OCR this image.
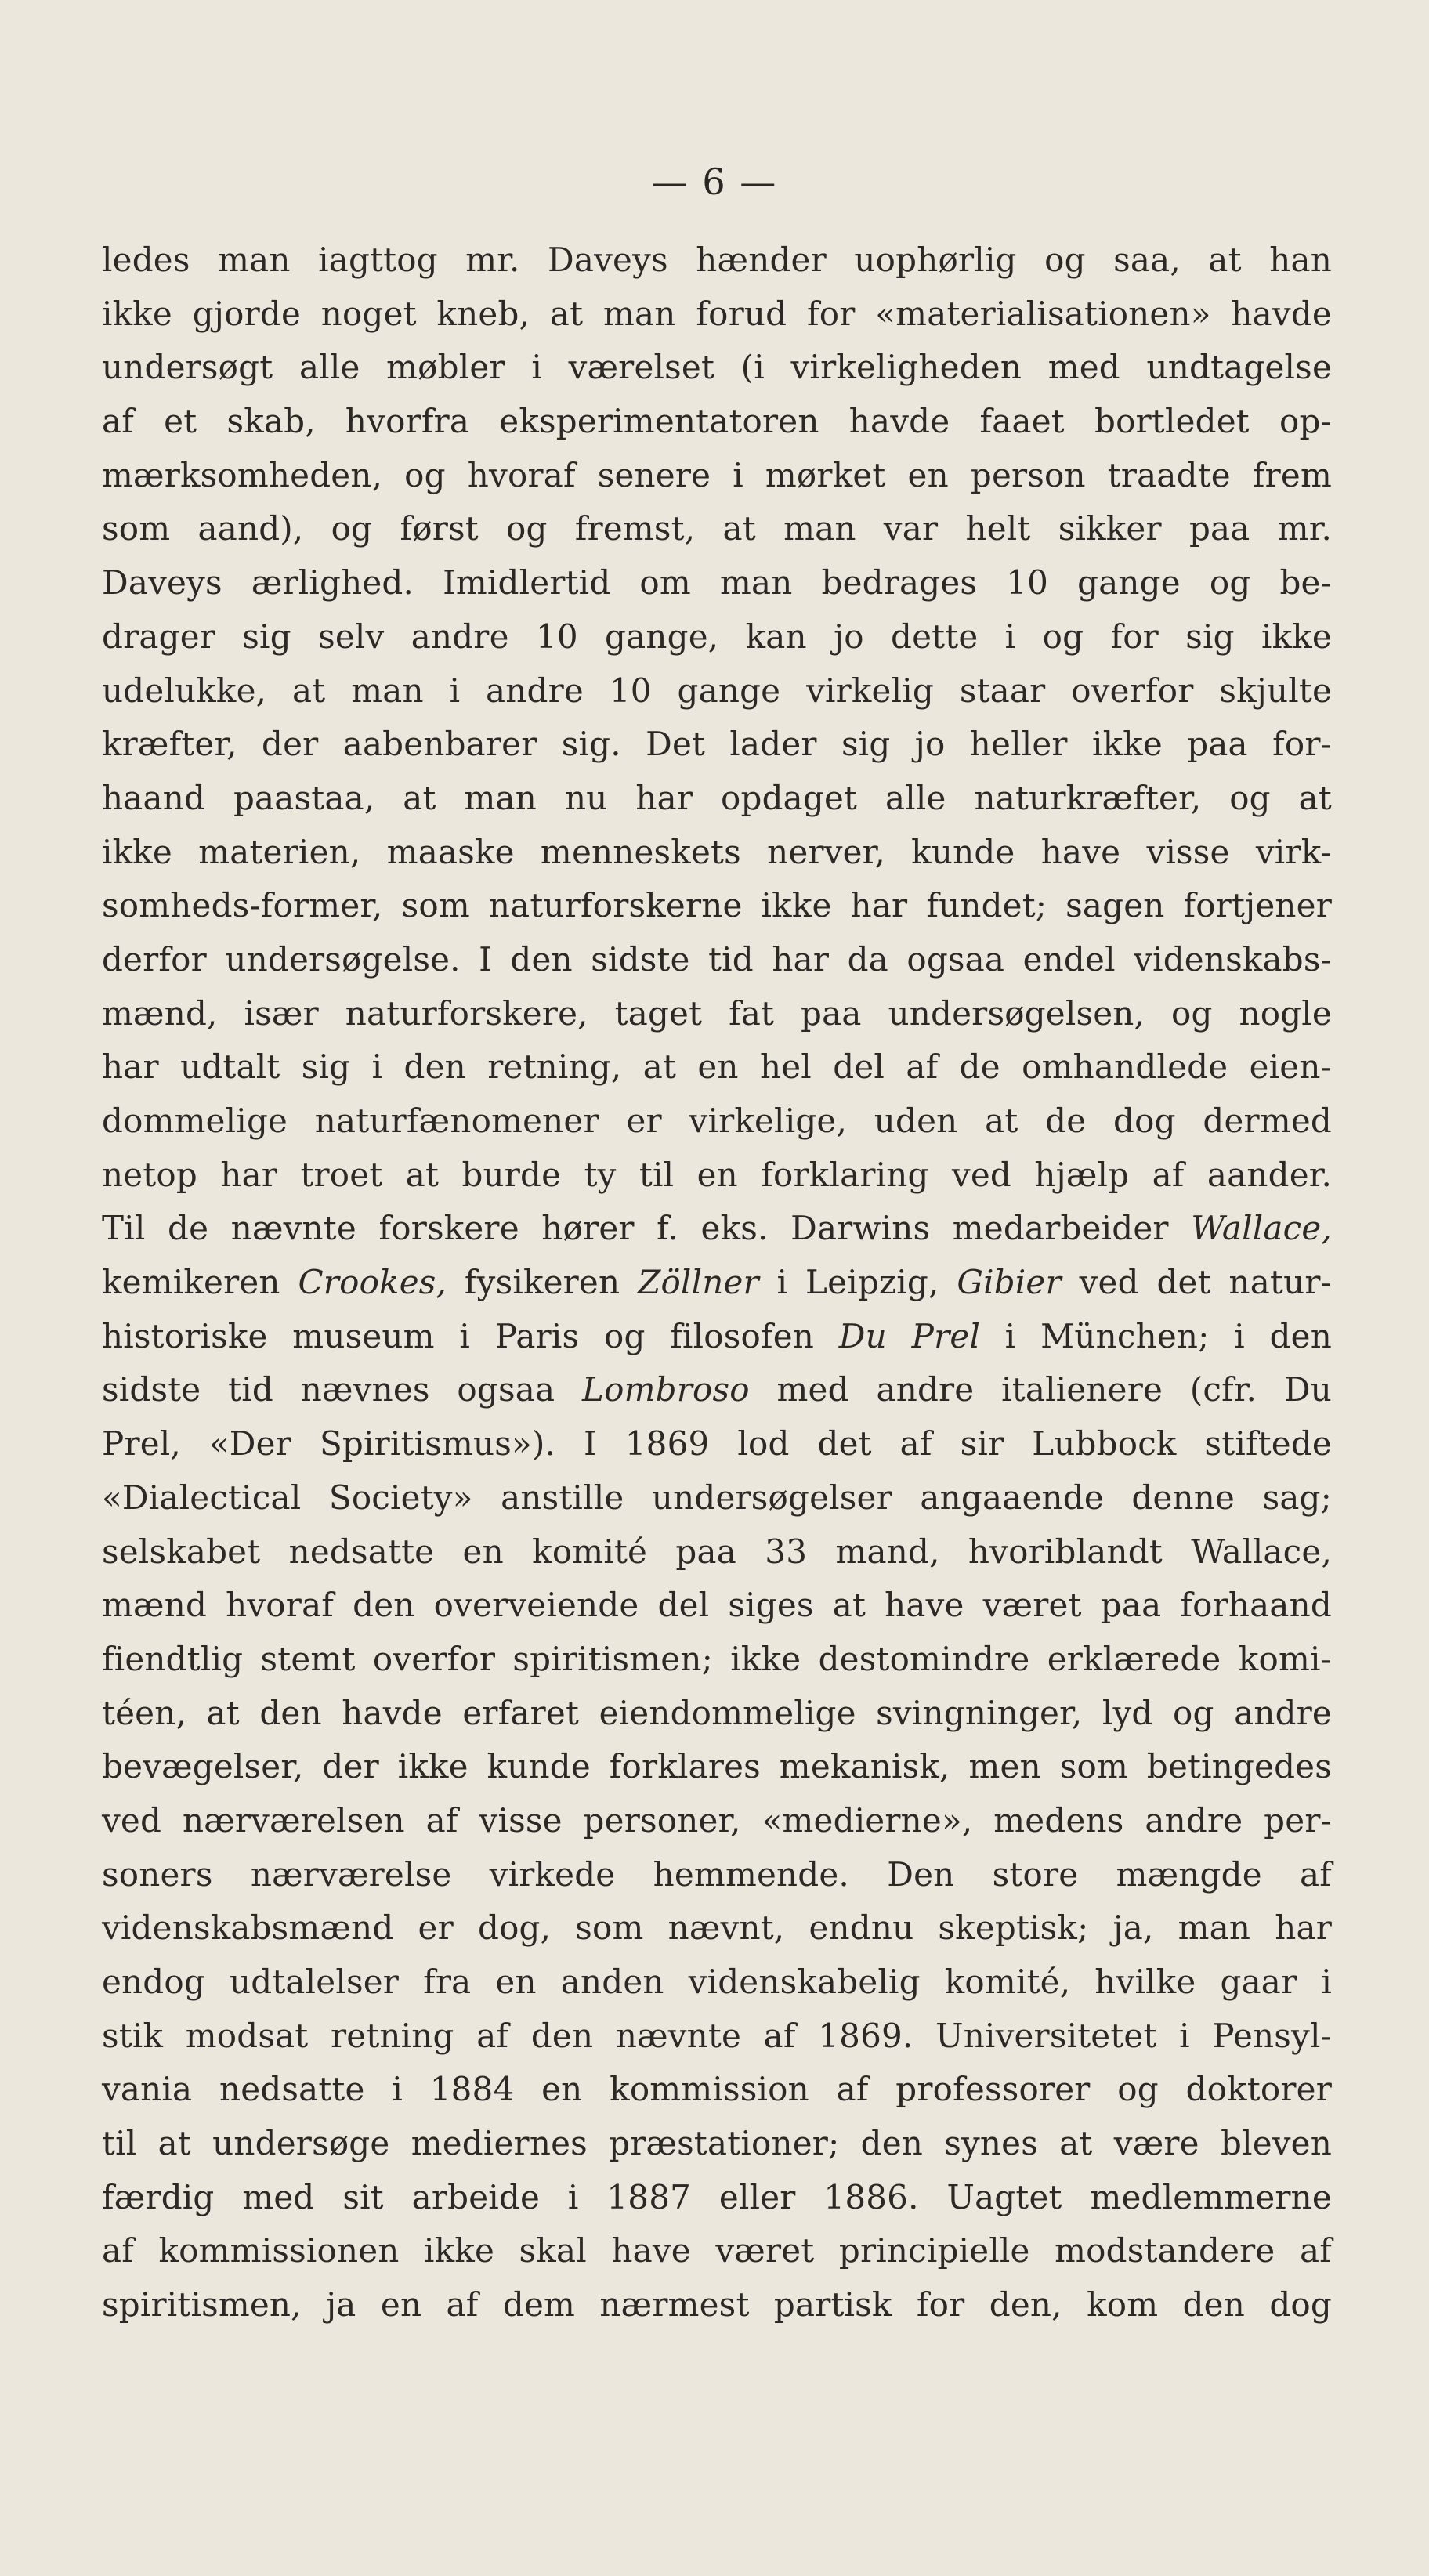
— 6 —
ledes man iagttog mr. Daveys hænder uophørlig og saa, at han
ikke gjorde noget kneb, at man forud for «materialisationen» havde
undersøgt alle møbler i værelset (i virkeligheden med undtagelse
af et skab, hvorfra eksperimentatoren havde faaet bortledet op-
mærksomheden, og hvoraf senere i mørket en person traadte frem
som aand), og først og fremst, at man var helt sikker paa mr.
Daveys ærlighed. Imidlertid om man bedrages 10 gange og be-
drager sig selv andre 10 gange, kan jo dette i og for sig ikke
udelukke, at man i andre 10 gange virkelig staar overfor skjulte
kræfter, der aabenbarer sig. Det lader sig jo heller ikke paa for-
haand paastaa, at man nu har opdaget alle naturkræfter, og at
ikke materien, maaske menneskets nerver, kunde have visse virk-
somheds-former, som naturforskerne ikke har fundet; sagen fortjener
derfor undersøgelse. I den sidste tid har da ogsaa endel videnskabs-
mænd, især naturforskere, taget fat paa undersøgelsen, og nogle
har udtalt sig i den retning, at en hel del af de omhandlede eien-
dommelige naturfænomener er virkelige, uden at de dog dermed
netop har troet at burde ty til en forklaring ved hjælp af aander.
Til de nævnte forskere hører f. eks. Darwins medarbeider Wallace,
kemikeren Crookes, fysikeren Zöllner i Leipzig, Gibier ved det natur-
historiske museum i Paris og filosofen Du Prel i München; i den
sidste tid nævnes ogsaa Lombroso med andre italienere (cfr. Du
Prel, «Der Spiritismus»). I 1869 lod det af sir Lubbock stiftede
«Dialectical Society» anstille undersøgelser angaaende denne sag;
selskabet nedsatte en komité paa 33 mand, hvoriblandt Wallace,
mænd hvoraf den overveiende del siges at have været paa forhaand
fiendtlig stemt overfor spiritismen; ikke destomindre erklærede komi-
téen, at den havde erfaret eiendommelige svingninger, lyd og andre
bevægelser, der ikke kunde forklares mekanisk, men som betingedes
ved nærværelsen af visse personer, «medierne», medens andre per-
soners nærværelse virkede hemmende. Den store mængde af
videnskabsmænd er dog, som nævnt, endnu skeptisk; ja, man har
endog udtalelser fra en anden videnskabelig komité, hvilke gaar i
stik modsat retning af den nævnte af 1869. Universitetet i Pensyl-
vania nedsatte i 1884 en kommission af professorer og doktorer
til at undersøge mediernes præstationer; den synes at være bleven
færdig med sit arbeide i 1887 eller 1886. Uagtet medlemmerne
af kommissionen ikke skal have været principielle modstandere af
spiritismen, ja en af dem nærmest partisk for den, kom den dog
